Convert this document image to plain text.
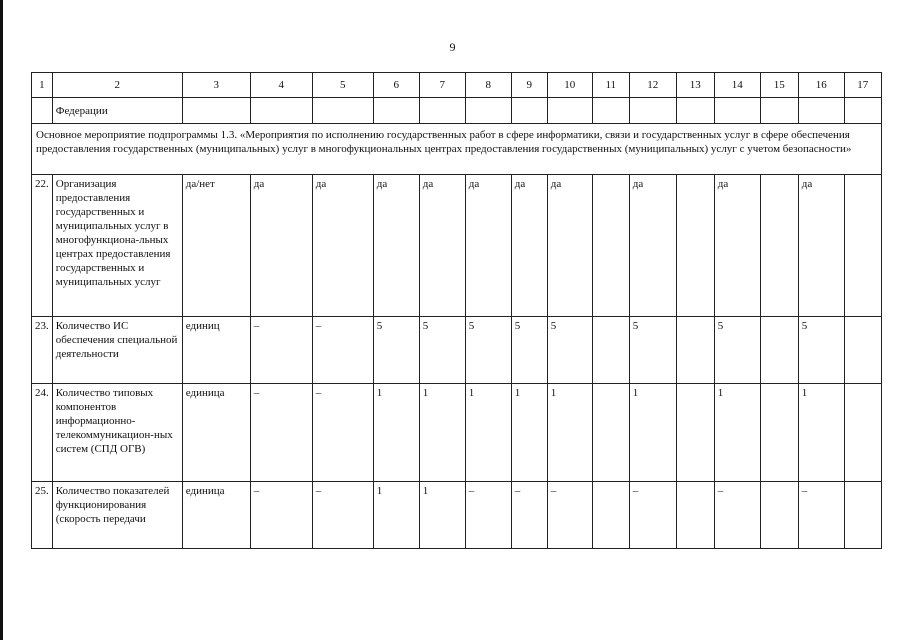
9
1	2	3	4	5	6	7	8	9	10	11	12	13	14	15	16	17
	Федерации															
Основное мероприятие подпрограммы 1.3. «Мероприятия по исполнению государственных работ в сфере информатики, связи и государственных услуг в сфере обеспечения предоставления государственных (муниципальных) услуг в многофукциональных центрах предоставления государственных (муниципальных) услуг с учетом безопасности»																
22.	Организация предоставления государственных и муниципальных услуг в многофункциона-льных центрах предоставления государственных и муниципальных услуг	да/нет	да	да	да	да	да	да	да		да		да		да	
23.	Количество ИС обеспечения специальной деятельности	единиц	–	–	5	5	5	5	5		5		5		5	
24.	Количество типовых компонентов информационно-телекоммуникацион-ных систем (СПД ОГВ)	единица	–	–	1	1	1	1	1		1		1		1	
25.	Количество показателей функционирования (скорость передачи	единица	–	–	1	1	–	–	–		–		–		–	
